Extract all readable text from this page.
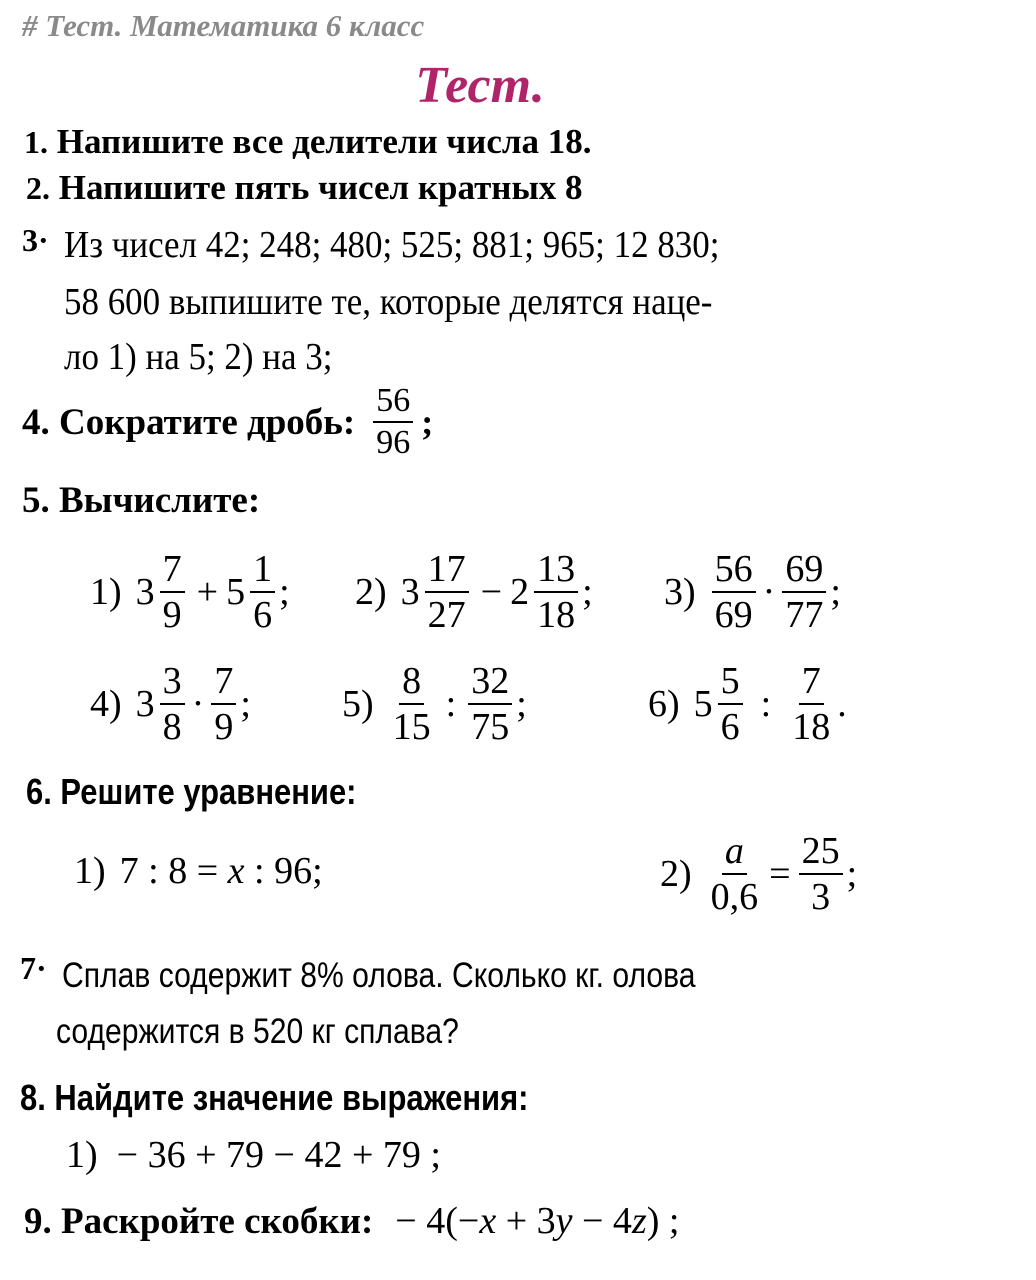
# Тест. Математика 6 класс
Тест.
1. Напишите все делители числа 18.
2. Напишите пять чисел кратных 8
3· Из чисел 42; 248; 480; 525; 881; 965; 12 830;
58 600 выпишите те, которые делятся наце-
ло 1) на 5; 2) на 3;
4. Сократите дробь: $\frac{56}{96}$ ;
5. Вычислите:
1) $3 \frac{7}{9} + 5 \frac{1}{6}$ ; 2) $3 \frac{17}{27} - 2 \frac{13}{18}$ ; $3) \frac{56}{69} \cdot \frac{69}{77}$ ;
4) $3 \frac{3}{8} \cdot \frac{7}{9}$ ; $5) \frac{8}{15}$ : $\frac{32}{75}$ ;	6) $5 \frac{5}{6}$ : $\frac{7}{18}$ .
6. Решите уравнение:
1) 7 : 8 = x : 96;	$2) \frac{a}{0,6} = \frac{25}{3}$ ;
7· Сплав содержит 8% олова. Сколько кг. олова
содержится в 520 кг сплава?
8. Найдите значение выражения:
1)  − 36 + 79 − 42 + 79 ;
9. Раскройте скобки: − 4(− x + 3 y − 4 z ) ;
